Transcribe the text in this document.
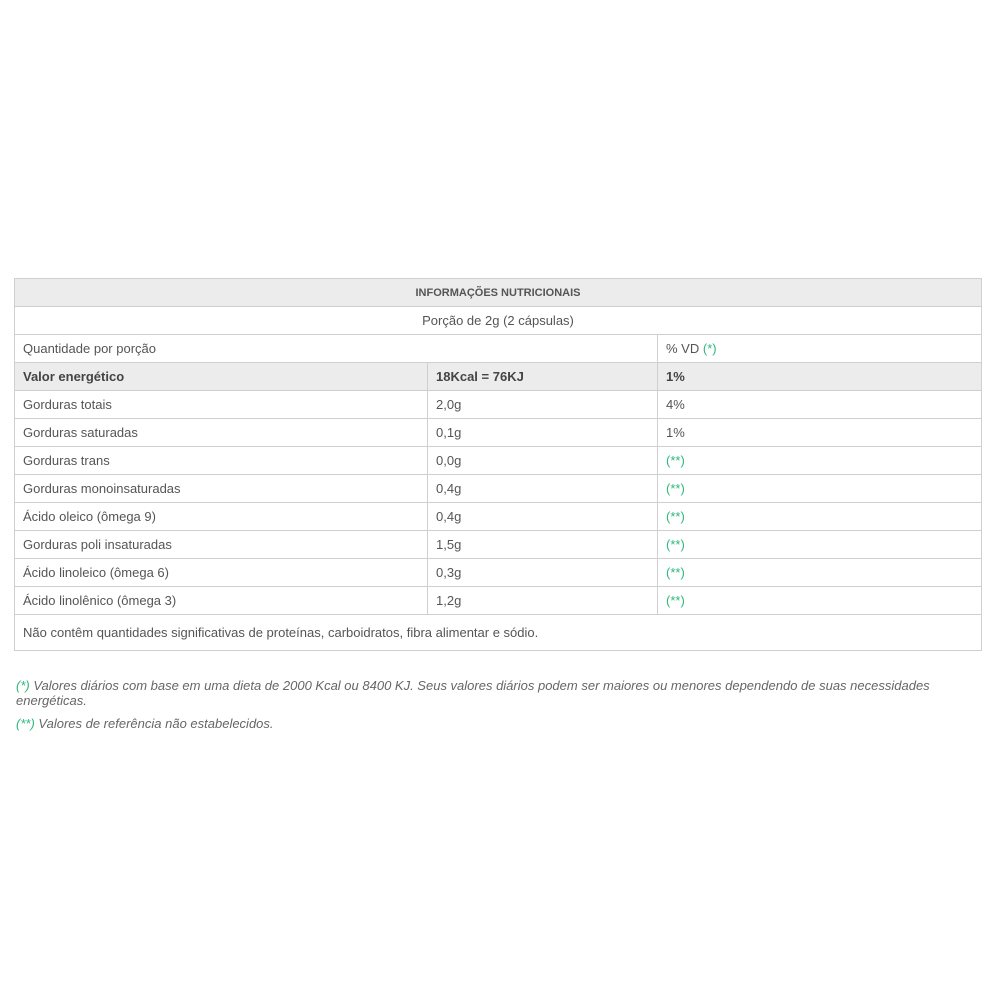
INFORMAÇÕES NUTRICIONAIS		
Porção de 2g (2 cápsulas)		
Quantidade por porção		% VD (*)
Valor energético	18Kcal = 76KJ	1%
Gorduras totais	2,0g	4%
Gorduras saturadas	0,1g	1%
Gorduras trans	0,0g	(**)
Gorduras monoinsaturadas	0,4g	(**)
Ácido oleico (ômega 9)	0,4g	(**)
Gorduras poli insaturadas	1,5g	(**)
Ácido linoleico (ômega 6)	0,3g	(**)
Ácido linolênico (ômega 3)	1,2g	(**)
Não contêm quantidades significativas de proteínas, carboidratos, fibra alimentar e sódio.		
(*) Valores diários com base em uma dieta de 2000 Kcal ou 8400 KJ. Seus valores diários podem ser maiores ou menores dependendo de suas necessidades energéticas.
(**) Valores de referência não estabelecidos.
